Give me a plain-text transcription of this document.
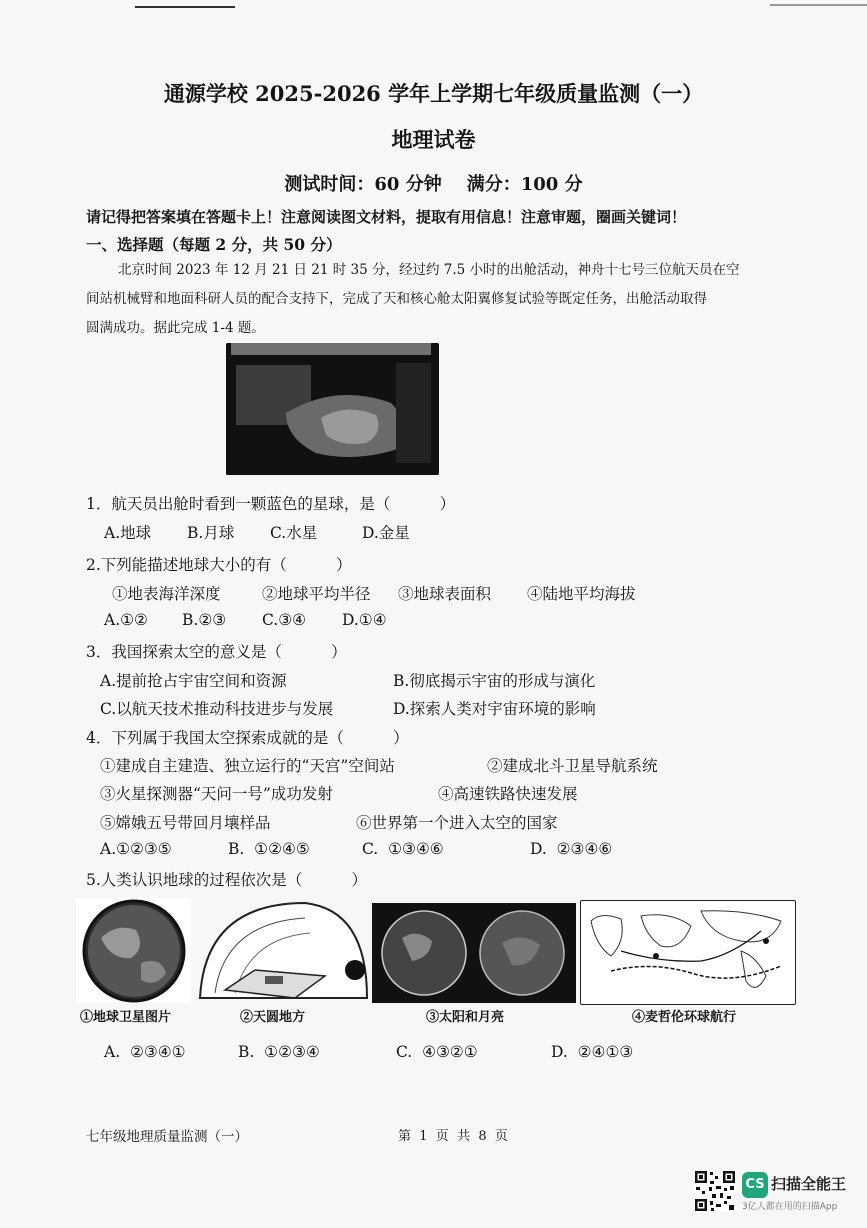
通源学校 2025-2026 学年上学期七年级质量监测（一）
地理试卷
测试时间：60 分钟    满分：100 分
请记得把答案填在答题卡上！注意阅读图文材料，提取有用信息！注意审题，圈画关键词！
一、选择题（每题 2 分，共 50 分）
北京时间 2023 年 12 月 21 日 21 时 35 分，经过约 7.5 小时的出舱活动，神舟十七号三位航天员在空
间站机械臂和地面科研人员的配合支持下，完成了天和核心舱太阳翼修复试验等既定任务，出舱活动取得
圆满成功。据此完成 1-4 题。
1．航天员出舱时看到一颗蓝色的星球，是（          ）
A.地球 B.月球 C.水星	D.金星
2.下列能描述地球大小的有（          ）
①地表海洋深度	②地球平均半径 ③地球表面积 ④陆地平均海拔
A.①② B.②③ C.③④ D.①④
3．我国探索太空的意义是（          ）
A.提前抢占宇宙空间和资源	B.彻底揭示宇宙的形成与演化
C.以航天技术推动科技进步与发展	D.探索人类对宇宙环境的影响
4．下列属于我国太空探索成就的是（          ）
①建成自主建造、独立运行的“天宫”空间站	②建成北斗卫星导航系统
③火星探测器“天问一号”成功发射	④高速铁路快速发展
⑤嫦娥五号带回月壤样品	⑥世界第一个进入太空的国家
A.①②③⑤	B.  ①②④⑤	C.  ①③④⑥	D.  ②③④⑥
5.人类认识地球的过程依次是（          ）
①地球卫星图片	②天圆地方	③太阳和月亮	④麦哲伦环球航行
A.  ②③④①	B.  ①②③④	C.  ④③②①	D.  ②④①③
七年级地理质量监测（一）	第  1  页  共  8  页
CS 扫描全能王
3亿人都在用的扫描App
